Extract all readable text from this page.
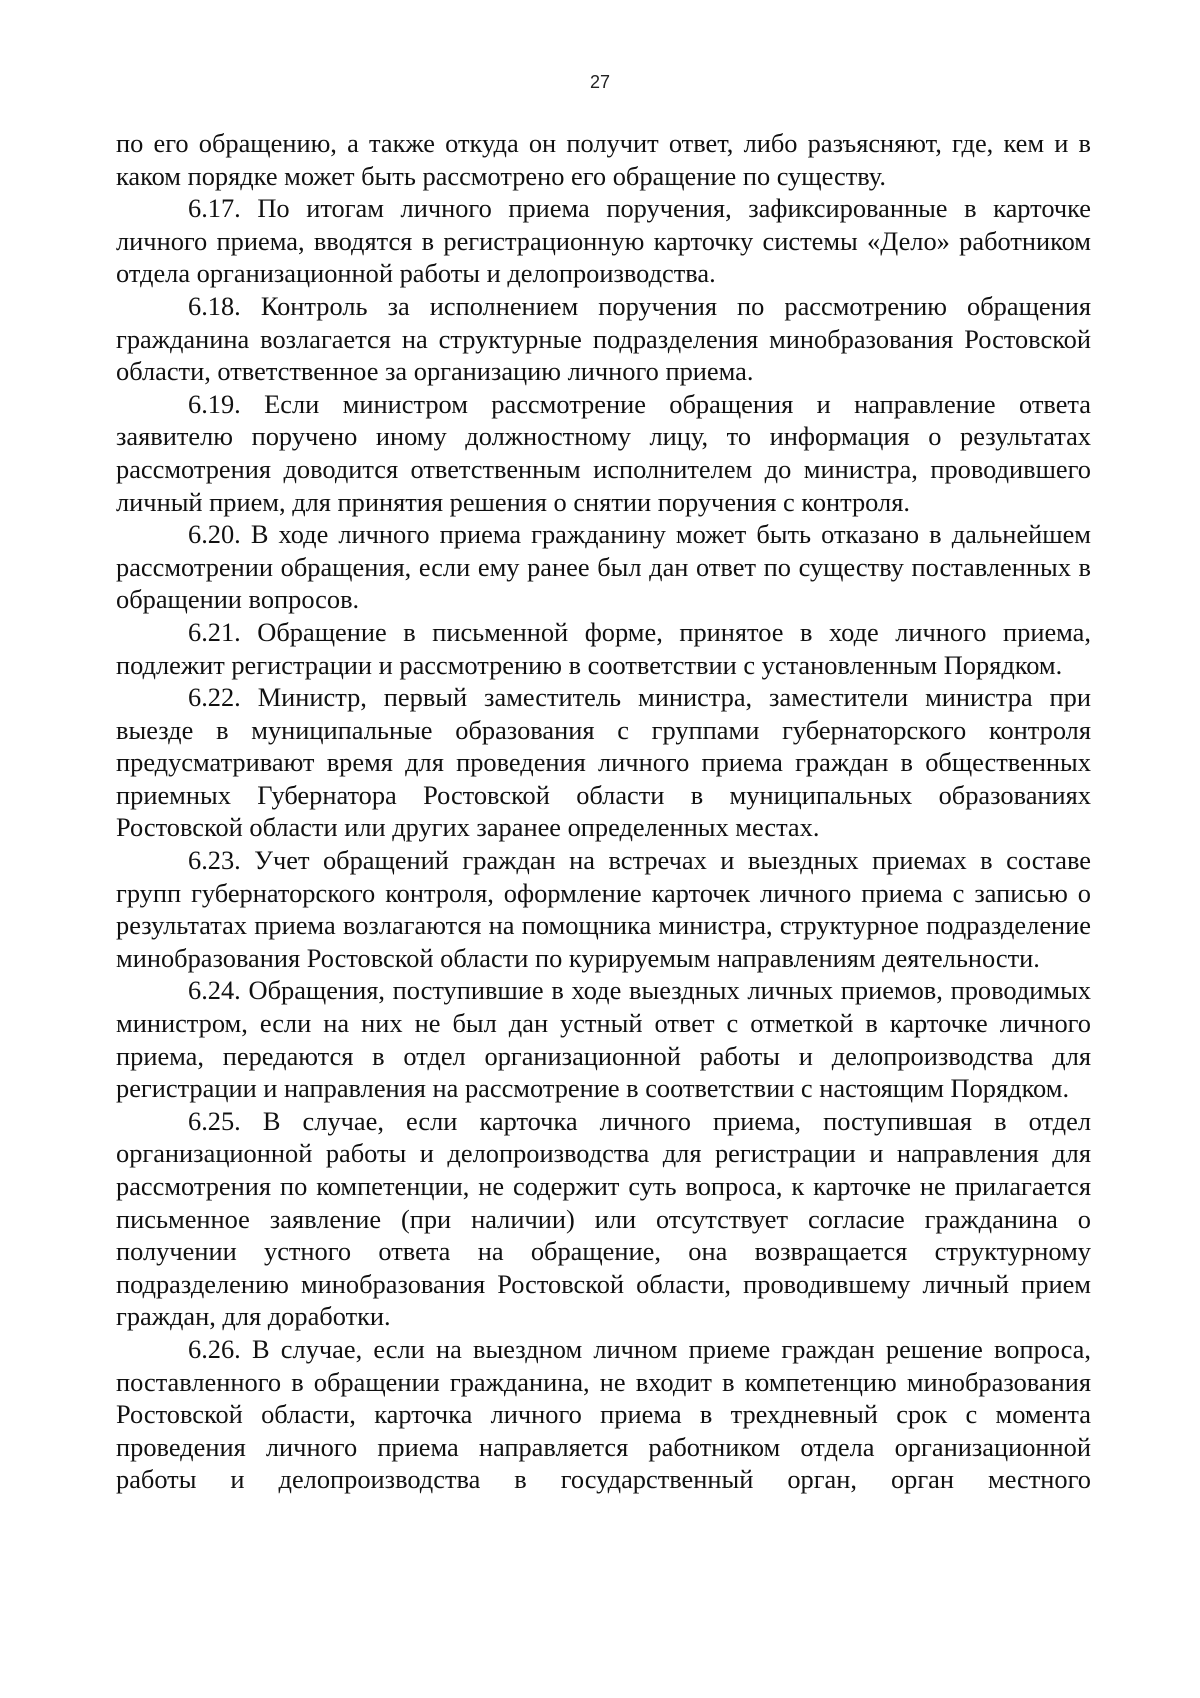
27

по его обращению, а также откуда он получит ответ, либо разъясняют, где, кем и в каком порядке может быть рассмотрено его обращение по существу.

6.17. По итогам личного приема поручения, зафиксированные в карточке личного приема, вводятся в регистрационную карточку системы «Дело» работником отдела организационной работы и делопроизводства.

6.18. Контроль за исполнением поручения по рассмотрению обращения гражданина возлагается на структурные подразделения минобразования Ростовской области, ответственное за организацию личного приема.

6.19. Если министром рассмотрение обращения и направление ответа заявителю поручено иному должностному лицу, то информация о результатах рассмотрения доводится ответственным исполнителем до министра, проводившего личный прием, для принятия решения о снятии поручения с контроля.

6.20. В ходе личного приема гражданину может быть отказано в дальнейшем рассмотрении обращения, если ему ранее был дан ответ по существу поставленных в обращении вопросов.

6.21. Обращение в письменной форме, принятое в ходе личного приема, подлежит регистрации и рассмотрению в соответствии с установленным Порядком.

6.22. Министр, первый заместитель министра, заместители министра при выезде в муниципальные образования с группами губернаторского контроля предусматривают время для проведения личного приема граждан в общественных приемных Губернатора Ростовской области в муниципальных образованиях Ростовской области или других заранее определенных местах.

6.23. Учет обращений граждан на встречах и выездных приемах в составе групп губернаторского контроля, оформление карточек личного приема с записью о результатах приема возлагаются на помощника министра, структурное подразделение минобразования Ростовской области по курируемым направлениям деятельности.

6.24. Обращения, поступившие в ходе выездных личных приемов, проводимых министром, если на них не был дан устный ответ с отметкой в карточке личного приема, передаются в отдел организационной работы и делопроизводства для регистрации и направления на рассмотрение в соответствии с настоящим Порядком.

6.25. В случае, если карточка личного приема, поступившая в отдел организационной работы и делопроизводства для регистрации и направления для рассмотрения по компетенции, не содержит суть вопроса, к карточке не прилагается письменное заявление (при наличии) или отсутствует согласие гражданина о получении устного ответа на обращение, она возвращается структурному подразделению минобразования Ростовской области, проводившему личный прием граждан, для доработки.

6.26. В случае, если на выездном личном приеме граждан решение вопроса, поставленного в обращении гражданина, не входит в компетенцию минобразования Ростовской области, карточка личного приема в трехдневный срок с момента проведения личного приема направляется работником отдела организационной работы и делопроизводства в государственный орган, орган местного
